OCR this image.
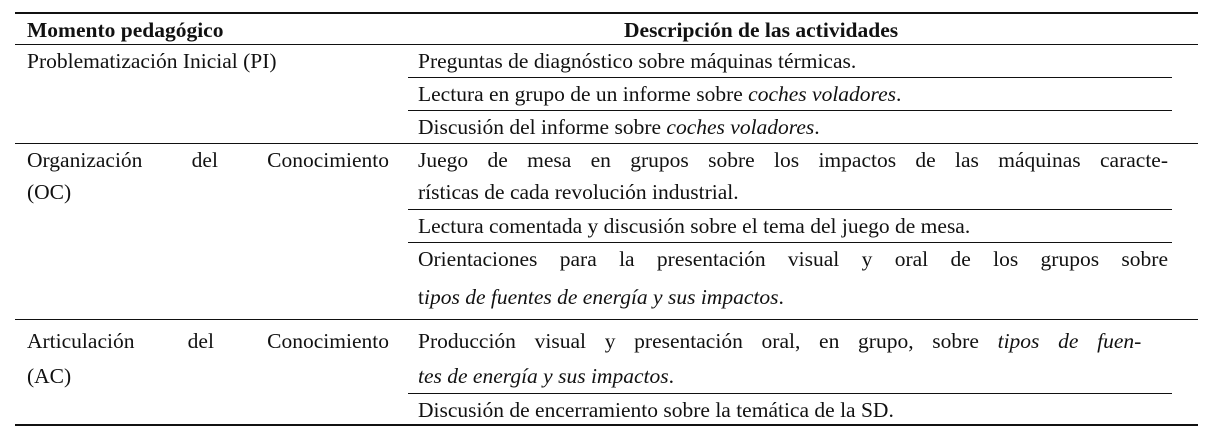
Momento pedagógico	Descripción de las actividades
Problematización Inicial (PI)	Preguntas de diagnóstico sobre máquinas térmicas.
Lectura en grupo de un informe sobre coches voladores.
Discusión del informe sobre coches voladores.
Organización del Conocimiento
(OC)
Juego de mesa en grupos sobre los impactos de las máquinas caracte-
rísticas de cada revolución industrial.
Lectura comentada y discusión sobre el tema del juego de mesa.
Orientaciones para la presentación visual y oral de los grupos sobre
tipos de fuentes de energía y sus impactos.
Articulación del Conocimiento
(AC)
Producción visual y presentación oral, en grupo, sobre tipos de fuen-
tes de energía y sus impactos.
Discusión de encerramiento sobre la temática de la SD.
